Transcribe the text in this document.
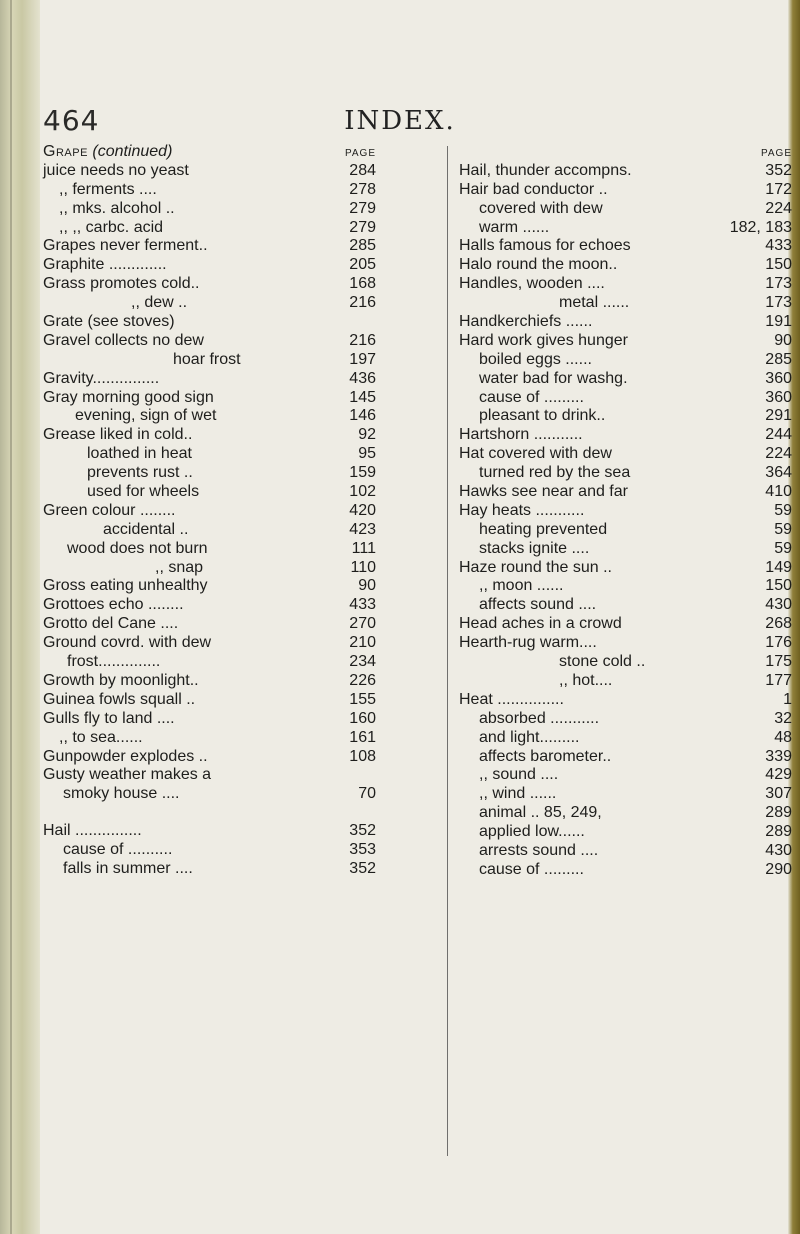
464	INDEX.
Grape (continued)	PAGE
juice needs no yeast	284
,, ferments ....	278
,, mks. alcohol ..	279
,, ,, carbc. acid	279
Grapes never ferment..	285
Graphite .............	205
Grass promotes cold..	168
,, dew ..	216
Grate (see stoves)
Gravel collects no dew	216
hoar frost	197
Gravity...............	436
Gray morning good sign	145
evening, sign of wet	146
Grease liked in cold..	92
loathed in heat	95
prevents rust ..	159
used for wheels	102
Green colour ........	420
accidental ..	423
wood does not burn	111
,, snap	110
Gross eating unhealthy	90
Grottoes echo ........	433
Grotto del Cane ....	270
Ground covrd. with dew	210
frost..............	234
Growth by moonlight..	226
Guinea fowls squall ..	155
Gulls fly to land ....	160
,, to sea......	161
Gunpowder explodes ..	108
Gusty weather makes a
smoky house ....	70
Hail ...............	352
cause of ..........	353
falls in summer ....	352
PAGE
Hail, thunder accompns.	352
Hair bad conductor ..	172
covered with dew	224
warm ......	182, 183
Halls famous for echoes	433
Halo round the moon..	150
Handles, wooden ....	173
metal ......	173
Handkerchiefs ......	191
Hard work gives hunger	90
boiled eggs ......	285
water bad for washg.	360
cause of .........	360
pleasant to drink..	291
Hartshorn ...........	244
Hat covered with dew	224
turned red by the sea	364
Hawks see near and far	410
Hay heats ...........	59
heating prevented	59
stacks ignite ....	59
Haze round the sun ..	149
,, moon ......	150
affects sound ....	430
Head aches in a crowd	268
Hearth-rug warm....	176
stone cold ..	175
,, hot....	177
Heat ...............	1
absorbed ...........	32
and light.........	48
affects barometer..	339
,, sound ....	429
,, wind ......	307
animal .. 85, 249,	289
applied low......	289
arrests sound ....	430
cause of .........	290
